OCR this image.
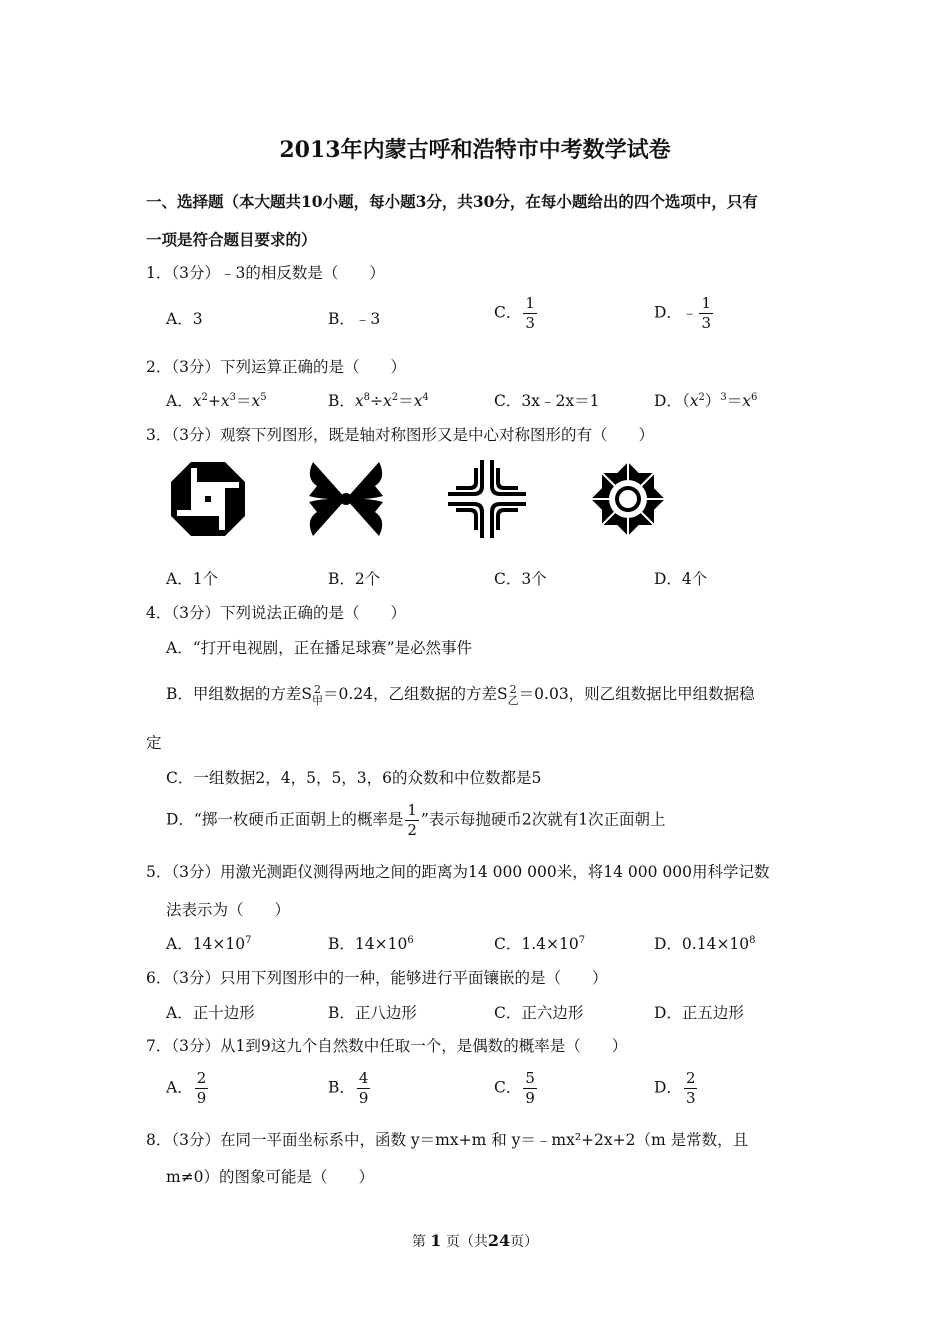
2013年内蒙古呼和浩特市中考数学试卷
一、选择题（本大题共10小题，每小题3分，共30分，在每小题给出的四个选项中，只有
一项是符合题目要求的）
1．（3分）﹣3的相反数是（　　）
A．3	B．﹣3	C． $\frac{1}{3}$	D．﹣ $\frac{1}{3}$
2．（3分）下列运算正确的是（　　）
A．$x^2+x^3=x^5$	B．$x^8\div x^2=x^4$	C．3x﹣2x＝1	D．$(x^2)^3=x^6$
3．（3分）观察下列图形，既是轴对称图形又是中心对称图形的有（　　）
A．1个	B．2个	C．3个	D．4个
4．（3分）下列说法正确的是（　　）
A．“打开电视剧，正在播足球赛”是必然事件
B．甲组数据的方差S 2
甲 ＝0.24，乙组数据的方差S 2
乙 ＝0.03，则乙组数据比甲组数据稳
定
C．一组数据2，4，5，5，3，6的众数和中位数都是5
D．“掷一枚硬币正面朝上的概率是 $\frac{1}{2}$ ”表示每抛硬币2次就有1次正面朝上
5．（3分）用激光测距仪测得两地之间的距离为14 000 000米，将14 000 000用科学记数
法表示为（　　）
A．$14\times 10^7$	B．$14\times 10^6$	C．$1.4\times 10^7$	D．$0.14\times 10^8$
6．（3分）只用下列图形中的一种，能够进行平面镶嵌的是（　　）
A．正十边形	B．正八边形	C．正六边形	D．正五边形
7．（3分）从1到9这九个自然数中任取一个，是偶数的概率是（　　）
A． $\frac{2}{9}$	B． $\frac{4}{9}$	C． $\frac{5}{9}$	D． $\frac{2}{3}$
8．（3分）在同一平面坐标系中，函数 y＝mx+m 和 y＝﹣mx²+2x+2（m 是常数，且
m≠0）的图象可能是（　　）
第 1 页（共24页）
